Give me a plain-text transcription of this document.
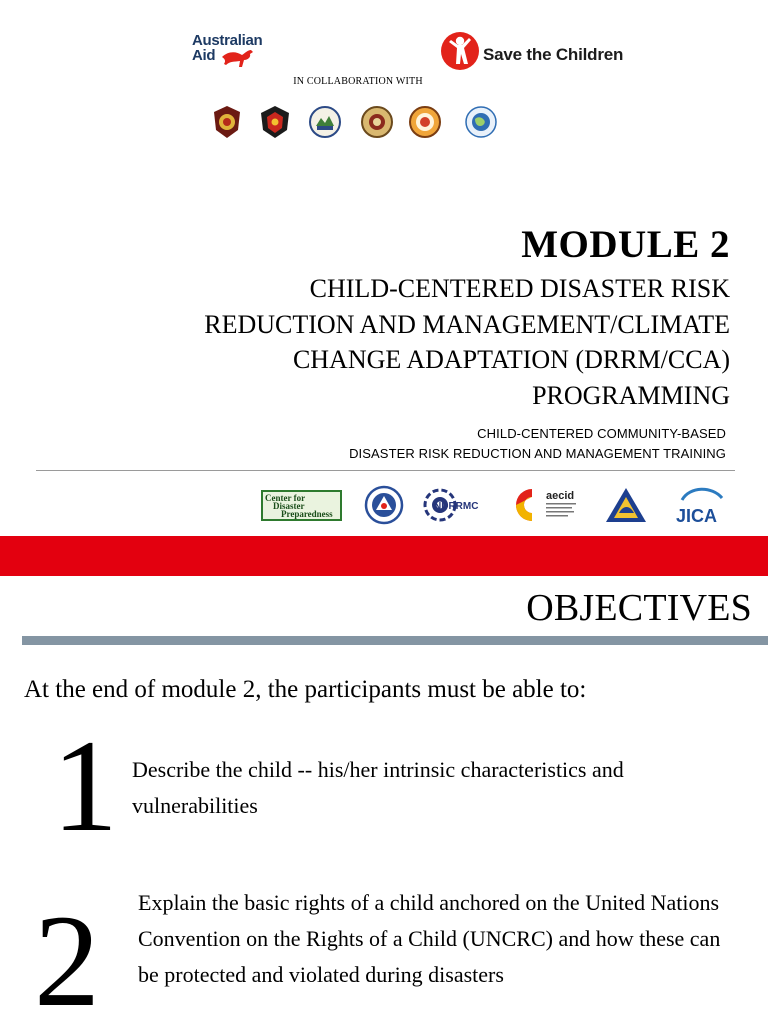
Australian
Aid	Save the Children
IN COLLABORATION WITH
MODULE 2
CHILD-CENTERED DISASTER RISK
REDUCTION AND MANAGEMENT/CLIMATE
CHANGE ADAPTATION (DRRM/CCA)
PROGRAMMING
CHILD-CENTERED COMMUNITY-BASED
DISASTER RISK REDUCTION AND MANAGEMENT TRAINING
Center for
Disaster
Preparedness
NDRRMC
aecid
JICA
OBJECTIVES
At the end of module 2, the participants must be able to:
1 Describe the child -- his/her intrinsic characteristics and vulnerabilities
2 Explain the basic rights of a child anchored on the United Nations Convention on the Rights of a Child (UNCRC) and how these can be protected and violated during disasters
